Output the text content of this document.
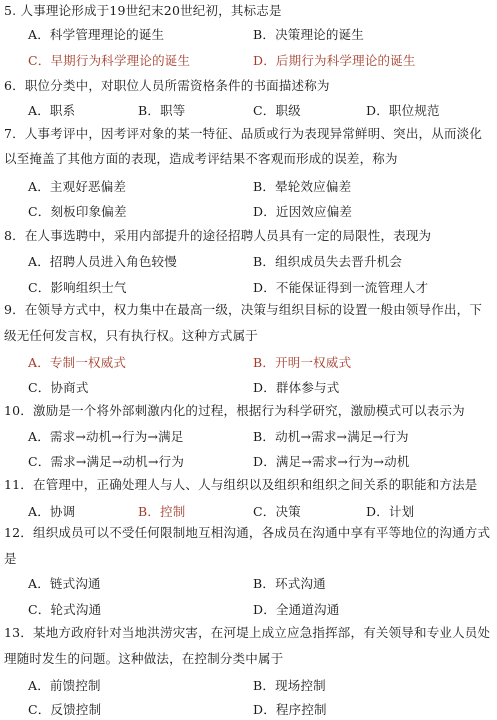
5. 人事理论形成于19世纪末20世纪初，其标志是
A．科学管理理论的诞生	B．决策理论的诞生
C．早期行为科学理论的诞生	D．后期行为科学理论的诞生
6．职位分类中，对职位人员所需资格条件的书面描述称为
A．职系	B．职等	C．职级	D．职位规范
7．人事考评中，因考评对象的某一特征、品质或行为表现异常鲜明、突出，从而淡化
以至掩盖了其他方面的表现，造成考评结果不客观而形成的误差，称为
A．主观好恶偏差	B．晕轮效应偏差
C．刻板印象偏差	D．近因效应偏差
8．在人事选聘中，采用内部提升的途径招聘人员具有一定的局限性，表现为
A．招聘人员进入角色较慢	B．组织成员失去晋升机会
C．影响组织士气	D．不能保证得到一流管理人才
9．在领导方式中，权力集中在最高一级，决策与组织目标的设置一般由领导作出，下
级无任何发言权，只有执行权。这种方式属于
A．专制一权威式	B．开明一权威式
C．协商式	D．群体参与式
10．激励是一个将外部刺激内化的过程，根据行为科学研究，激励模式可以表示为
A．需求→动机→行为→满足	B．动机→需求→满足→行为
C．需求→满足→动机→行为	D．满足→需求→行为→动机
11．在管理中，正确处理人与人、人与组织以及组织和组织之间关系的职能和方法是
A．协调	B．控制	C．决策	D．计划
12．组织成员可以不受任何限制地互相沟通，各成员在沟通中享有平等地位的沟通方式
是
A．链式沟通	B．环式沟通
C．轮式沟通	D．全通道沟通
13．某地方政府针对当地洪涝灾害，在河堤上成立应急指挥部，有关领导和专业人员处
理随时发生的问题。这种做法，在控制分类中属于
A．前馈控制	B．现场控制
C．反馈控制	D．程序控制
